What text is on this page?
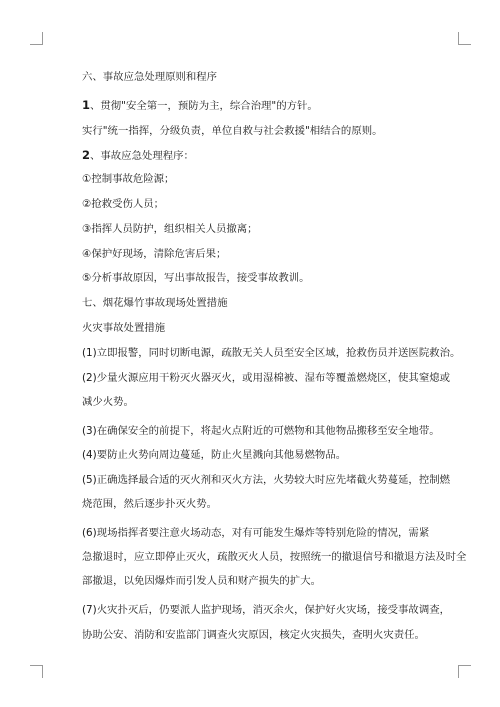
六、事故应急处理原则和程序
1、贯彻"安全第一，预防为主，综合治理"的方针。
实行"统一指挥，分级负责，单位自救与社会救援"相结合的原则。
2、事故应急处理程序：
①控制事故危险源；
②抢救受伤人员；
③指挥人员防护，组织相关人员撤离；
④保护好现场，清除危害后果；
⑤分析事故原因，写出事故报告，接受事故教训。
七、烟花爆竹事故现场处置措施
火灾事故处置措施
(1)立即报警，同时切断电源，疏散无关人员至安全区域，抢救伤员并送医院救治。
(2)少量火源应用干粉灭火器灭火，或用湿棉被、湿布等覆盖燃烧区，使其窒熄或
减少火势。
(3)在确保安全的前提下，将起火点附近的可燃物和其他物品搬移至安全地带。
(4)要防止火势向周边蔓延，防止火星溅向其他易燃物品。
(5)正确选择最合适的灭火剂和灭火方法，火势较大时应先堵截火势蔓延，控制燃
烧范围，然后逐步扑灭火势。
(6)现场指挥者要注意火场动态，对有可能发生爆炸等特别危险的情况，需紧
急撤退时，应立即停止灭火，疏散灭火人员，按照统一的撤退信号和撤退方法及时全
部撤退，以免因爆炸而引发人员和财产损失的扩大。
(7)火灾扑灭后，仍要派人监护现场，消灭余火，保护好火灾场，接受事故调查，
协助公安、消防和安监部门调查火灾原因，核定火灾损失，查明火灾责任。
